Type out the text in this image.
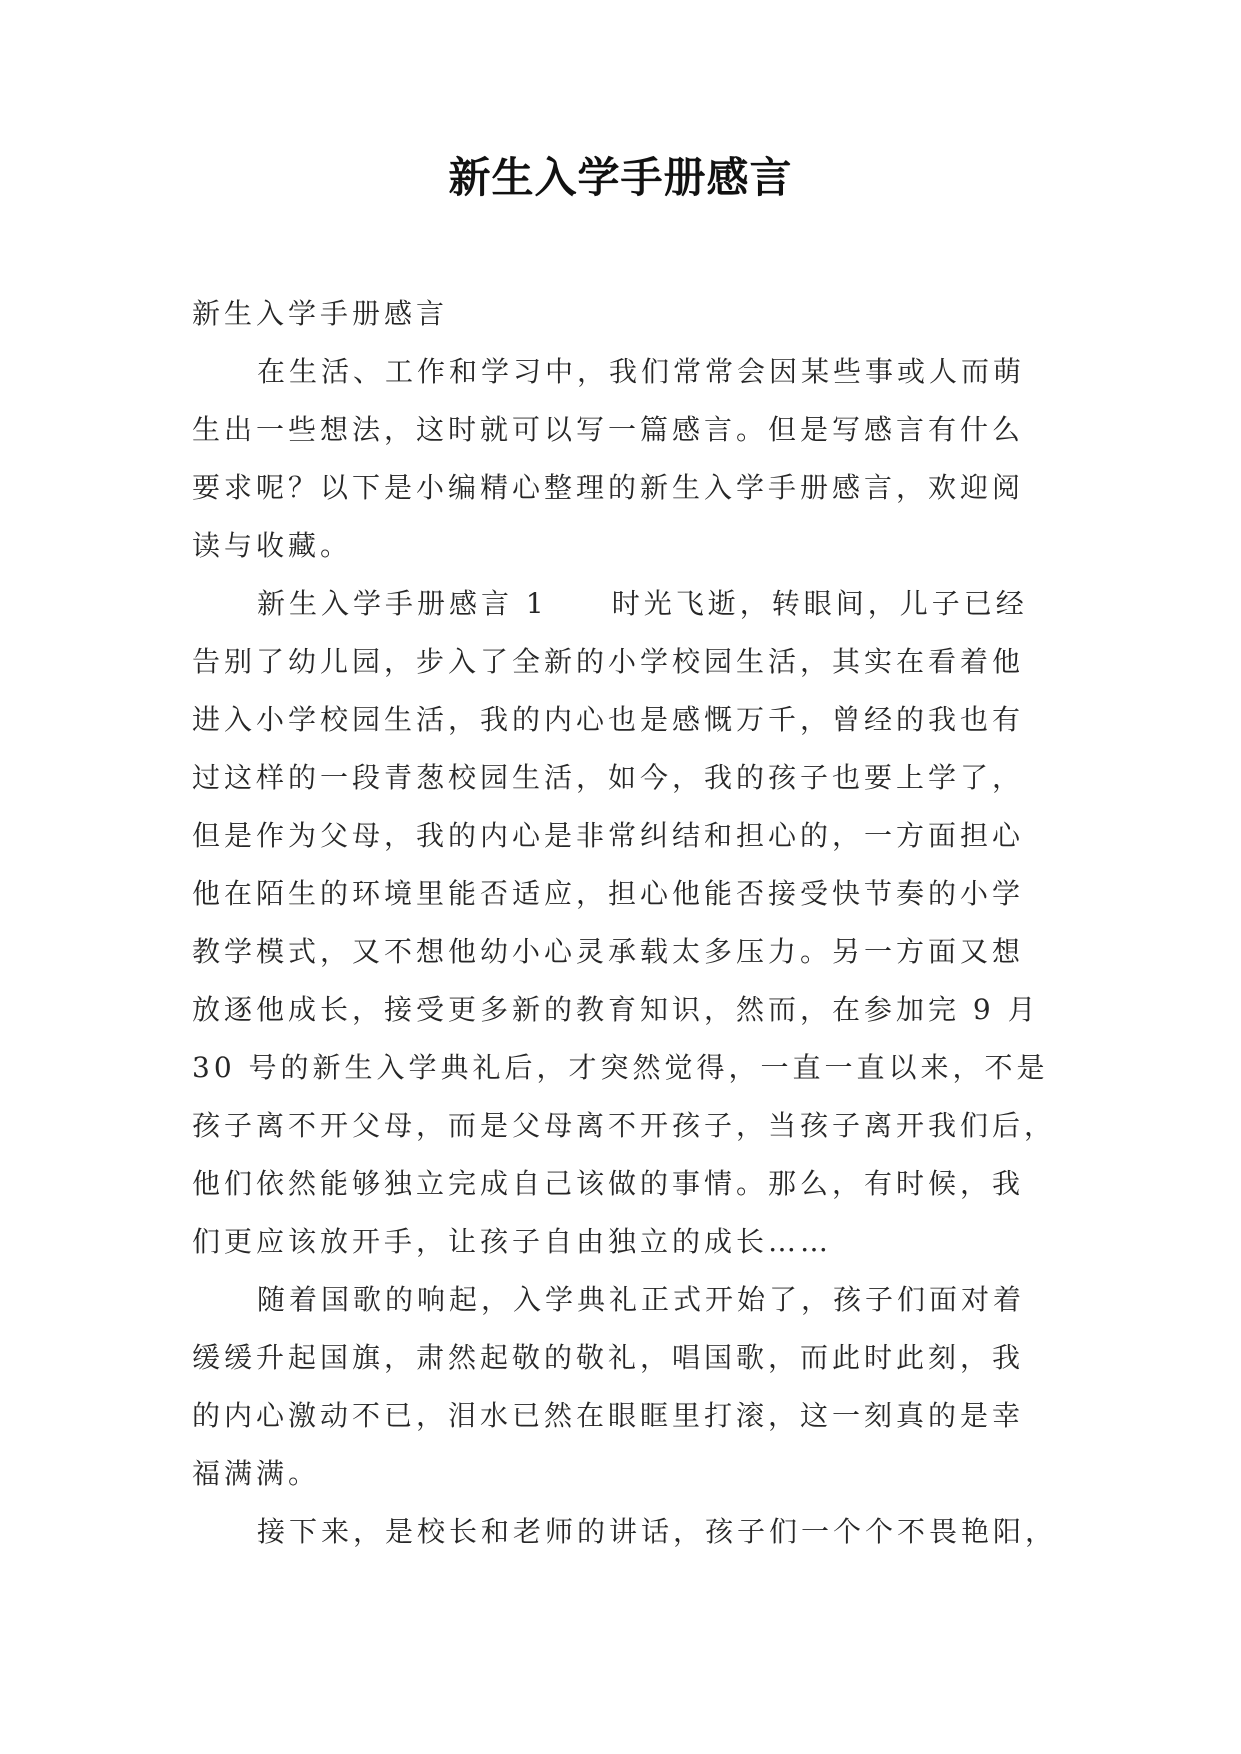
新生入学手册感言
新生入学手册感言
在生活、工作和学习中，我们常常会因某些事或人而萌
生出一些想法，这时就可以写一篇感言。但是写感言有什么
要求呢？以下是小编精心整理的新生入学手册感言，欢迎阅
读与收藏。
新生入学手册感言 1　　时光飞逝，转眼间，儿子已经
告别了幼儿园，步入了全新的小学校园生活，其实在看着他
进入小学校园生活，我的内心也是感慨万千，曾经的我也有
过这样的一段青葱校园生活，如今，我的孩子也要上学了，
但是作为父母，我的内心是非常纠结和担心的，一方面担心
他在陌生的环境里能否适应，担心他能否接受快节奏的小学
教学模式，又不想他幼小心灵承载太多压力。另一方面又想
放逐他成长，接受更多新的教育知识，然而，在参加完 9 月
30 号的新生入学典礼后，才突然觉得，一直一直以来，不是
孩子离不开父母，而是父母离不开孩子，当孩子离开我们后，
他们依然能够独立完成自己该做的事情。那么，有时候，我
们更应该放开手，让孩子自由独立的成长……
随着国歌的响起，入学典礼正式开始了，孩子们面对着
缓缓升起国旗，肃然起敬的敬礼，唱国歌，而此时此刻，我
的内心激动不已，泪水已然在眼眶里打滚，这一刻真的是幸
福满满。
接下来，是校长和老师的讲话，孩子们一个个不畏艳阳，
